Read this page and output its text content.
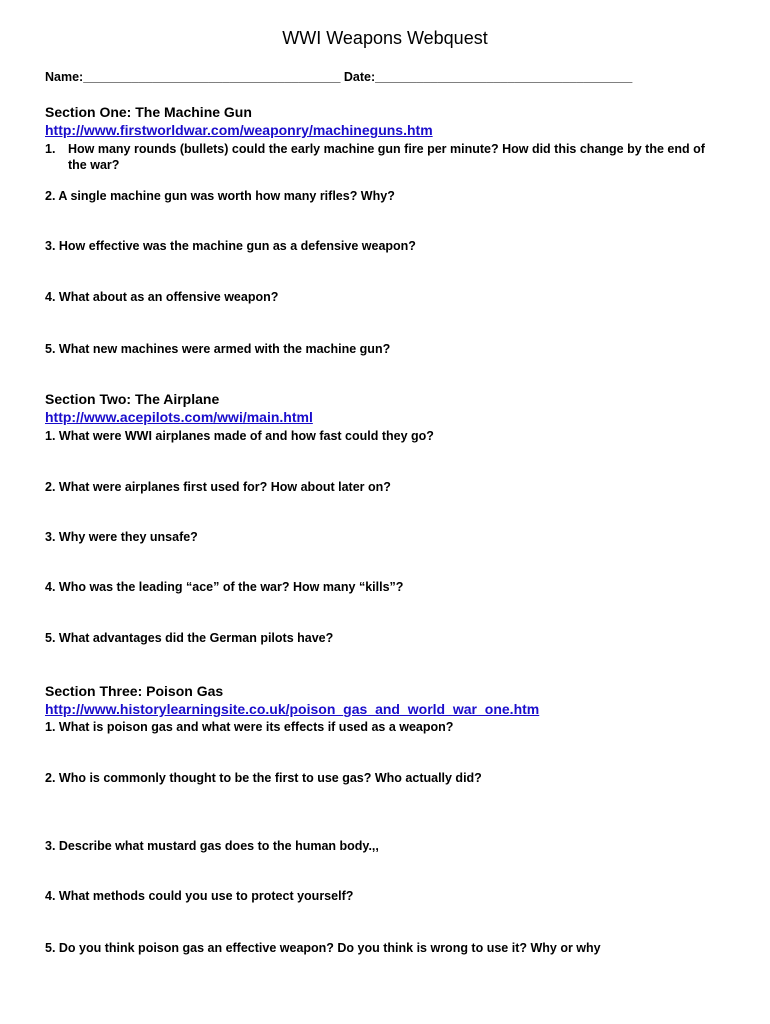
WWI Weapons Webquest
Name:_____________________________________ Date:_____________________________________
Section One: The Machine Gun
http://www.firstworldwar.com/weaponry/machineguns.htm
1.	How many rounds (bullets) could the early machine gun fire per minute? How did this change by the end of the war?
2. A single machine gun was worth how many rifles? Why?
3. How effective was the machine gun as a defensive weapon?
4. What about as an offensive weapon?
5. What new machines were armed with the machine gun?
Section Two: The Airplane
http://www.acepilots.com/wwi/main.html
1. What were WWI airplanes made of and how fast could they go?
2. What were airplanes first used for? How about later on?
3. Why were they unsafe?
4. Who was the leading “ace” of the war? How many “kills”?
5. What advantages did the German pilots have?
Section Three: Poison Gas
http://www.historylearningsite.co.uk/poison_gas_and_world_war_one.htm
1. What is poison gas and what were its effects if used as a weapon?
2. Who is commonly thought to be the first to use gas? Who actually did?
3. Describe what mustard gas does to the human body.,,
4. What methods could you use to protect yourself?
5. Do you think poison gas an effective weapon? Do you think is wrong to use it? Why or why
